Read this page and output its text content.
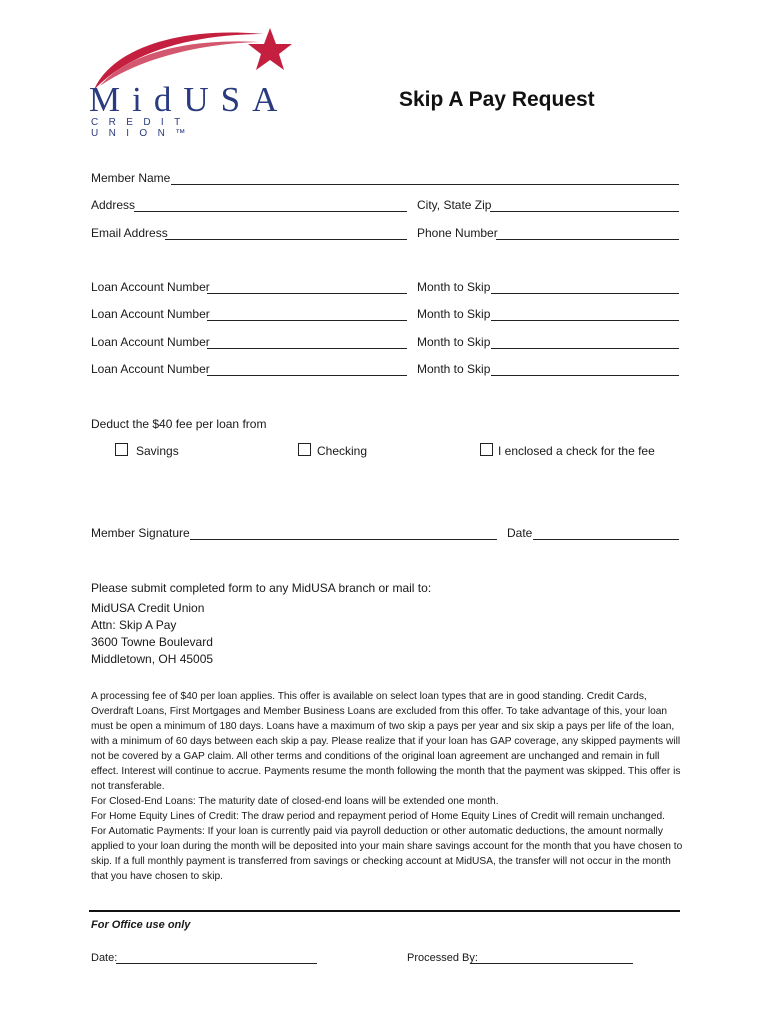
MidUSA
CREDIT UNION™
Skip A Pay Request
Member Name
Address	City, State Zip
Email Address	Phone Number
Loan Account Number	Month to Skip
Loan Account Number	Month to Skip
Loan Account Number	Month to Skip
Loan Account Number	Month to Skip
Deduct the $40 fee per loan from
Savings	Checking	I enclosed a check for the fee
Member Signature	Date
Please submit completed form to any MidUSA branch or mail to:
MidUSA Credit Union
Attn: Skip A Pay
3600 Towne Boulevard
Middletown, OH 45005

A processing fee of $40 per loan applies. This offer is available on select loan types that are in good standing. Credit Cards, Overdraft Loans, First Mortgages and Member Business Loans are excluded from this offer. To take advantage of this, your loan must be open a minimum of 180 days. Loans have a maximum of two skip a pays per year and six skip a pays per life of the loan, with a minimum of 60 days between each skip a pay. Please realize that if your loan has GAP coverage, any skipped payments will not be covered by a GAP claim. All other terms and conditions of the original loan agreement are unchanged and remain in full effect. Interest will continue to accrue. Payments resume the month following the month that the payment was skipped. This offer is not transferable.

For Closed-End Loans: The maturity date of closed-end loans will be extended one month.

For Home Equity Lines of Credit: The draw period and repayment period of Home Equity Lines of Credit will remain unchanged.

For Automatic Payments: If your loan is currently paid via payroll deduction or other automatic deductions, the amount normally applied to your loan during the month will be deposited into your main share savings account for the month that you have chosen to skip. If a full monthly payment is transferred from savings or checking account at MidUSA, the transfer will not occur in the month that you have chosen to skip.

For Office use only
Date:	Processed By:
